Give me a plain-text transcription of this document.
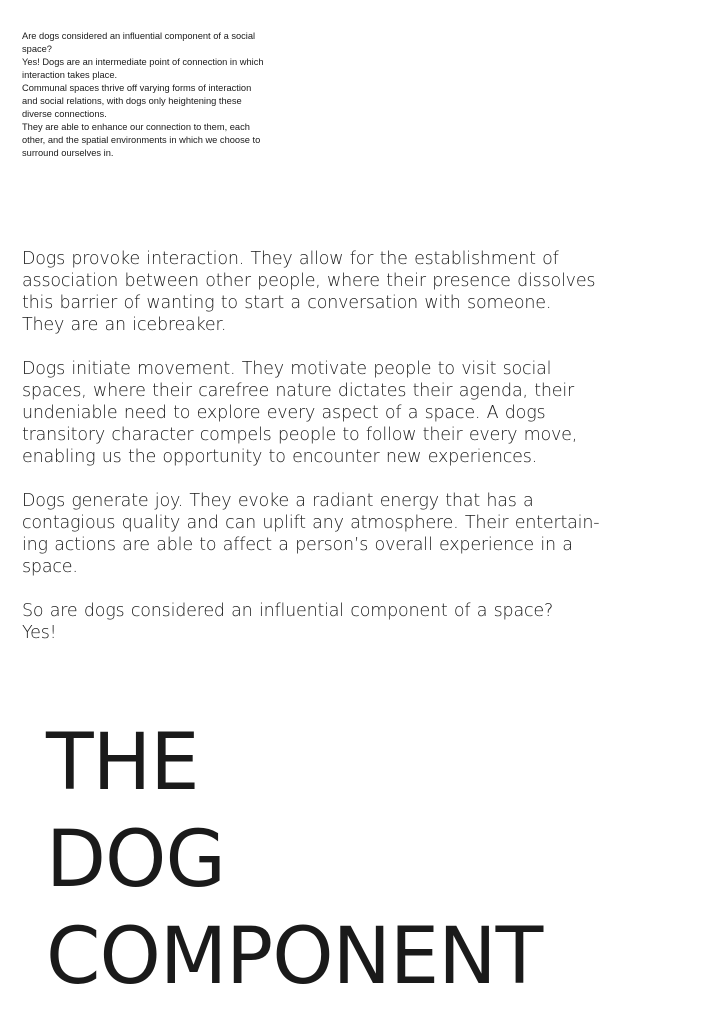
Are dogs considered an influential component of a social space?

Yes! Dogs are an intermediate point of connection in which interaction takes place.

Communal spaces thrive off varying forms of interaction and social relations, with dogs only heightening these diverse connections.

They are able to enhance our connection to them, each other, and the spatial environments in which we choose to surround ourselves in.

Dogs provoke interaction. They allow for the establishment of
association between other people, where their presence dissolves
this barrier of wanting to start a conversation with someone.
They are an icebreaker.

Dogs initiate movement. They motivate people to visit social
spaces, where their carefree nature dictates their agenda, their
undeniable need to explore every aspect of a space. A dogs
transitory character compels people to follow their every move,
enabling us the opportunity to encounter new experiences.

Dogs generate joy. They evoke a radiant energy that has a
contagious quality and can uplift any atmosphere. Their entertain-
ing actions are able to affect a person’s overall experience in a
space.

So are dogs considered an influential component of a space?
Yes!

THE
DOG
COMPONENT
